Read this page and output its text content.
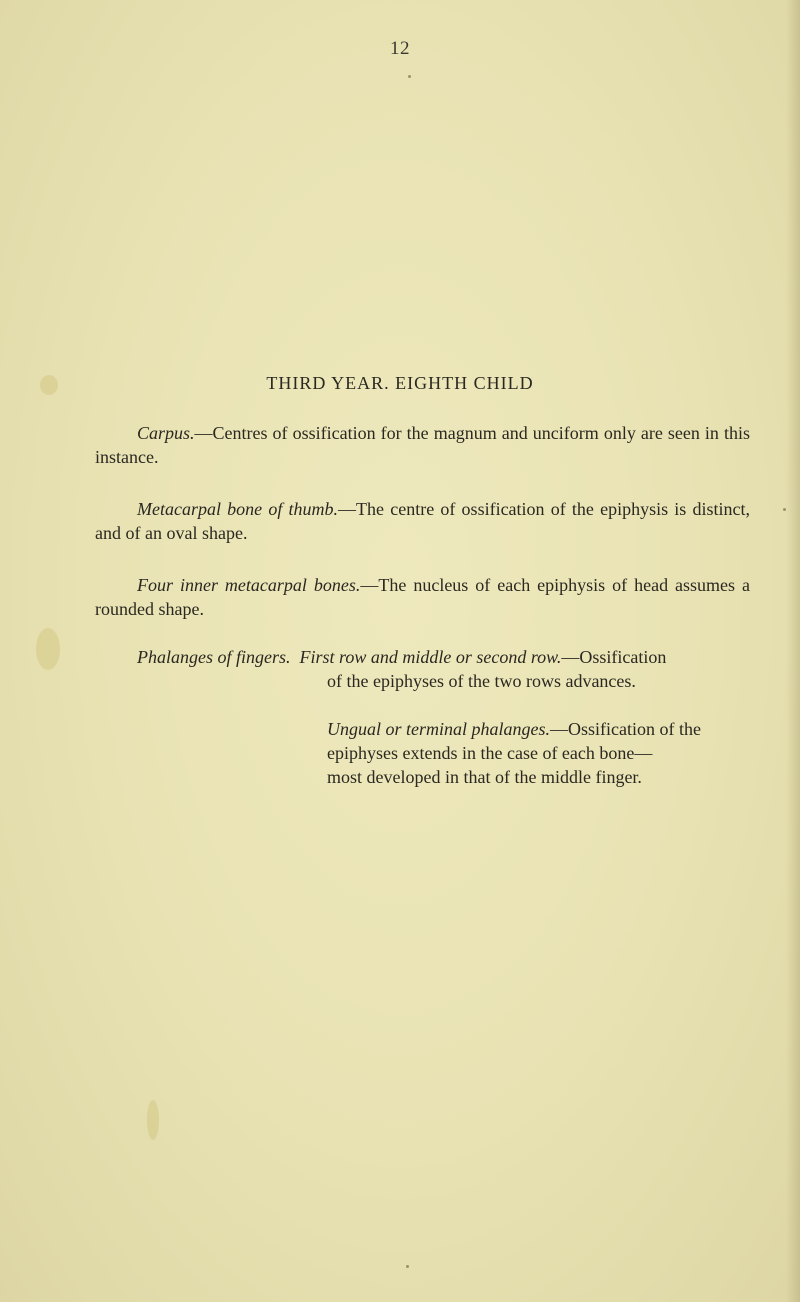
12
THIRD YEAR. EIGHTH CHILD
Carpus.—Centres of ossification for the magnum and unciform only are seen in this instance.
Metacarpal bone of thumb.—The centre of ossification of the epiphysis is distinct, and of an oval shape.
Four inner metacarpal bones.—The nucleus of each epiphysis of head assumes a rounded shape.
Phalanges of fingers. First row and middle or second row.—Ossification
of the epiphyses of the two rows advances.
Ungual or terminal phalanges.—Ossification of the
epiphyses extends in the case of each bone—
most developed in that of the middle finger.
